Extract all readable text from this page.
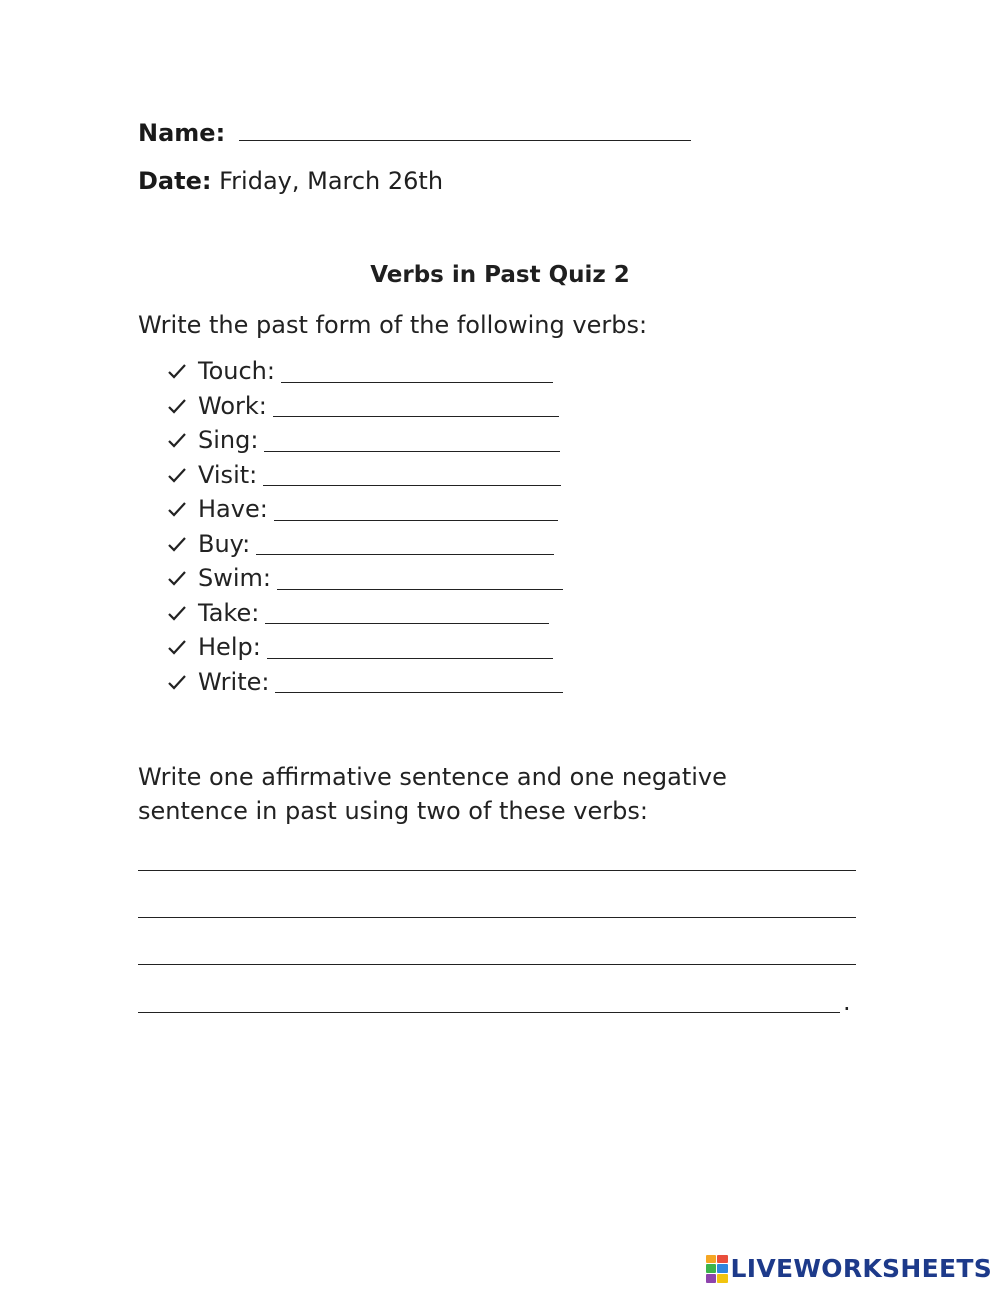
Name:
Date: Friday, March 26th
Verbs in Past Quiz 2
Write the past form of the following verbs:
Touch:
Work:
Sing:
Visit:
Have:
Buy:
Swim:
Take:
Help:
Write:
Write one affirmative sentence and one negative
sentence in past using two of these verbs:
.
LIVEWORKSHEETS
